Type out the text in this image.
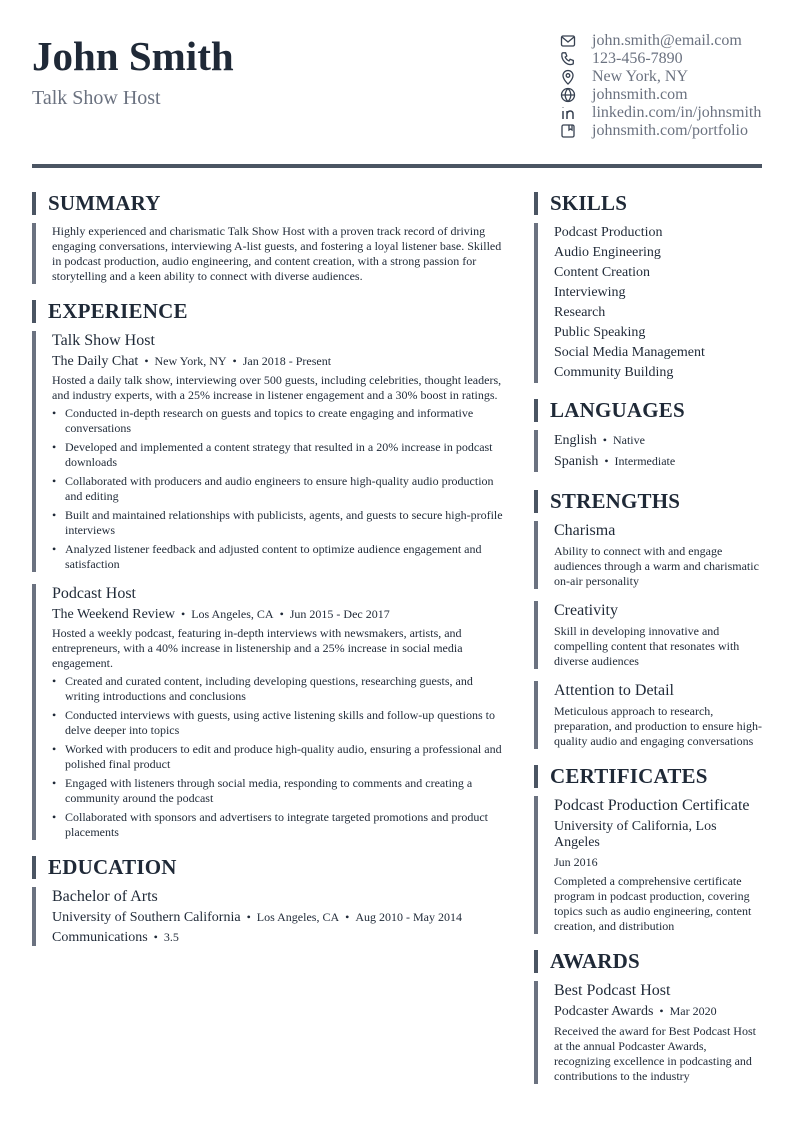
John Smith
Talk Show Host
john.smith@email.com
123-456-7890
New York, NY
johnsmith.com
linkedin.com/in/johnsmith
johnsmith.com/portfolio
SUMMARY
Highly experienced and charismatic Talk Show Host with a proven track record of driving engaging conversations, interviewing A-list guests, and fostering a loyal listener base. Skilled in podcast production, audio engineering, and content creation, with a strong passion for storytelling and a keen ability to connect with diverse audiences.
EXPERIENCE
Talk Show Host
The Daily Chat • New York, NY • Jan 2018 - Present
Hosted a daily talk show, interviewing over 500 guests, including celebrities, thought leaders, and industry experts, with a 25% increase in listener engagement and a 30% boost in ratings.
• Conducted in-depth research on guests and topics to create engaging and informative conversations
• Developed and implemented a content strategy that resulted in a 20% increase in podcast downloads
• Collaborated with producers and audio engineers to ensure high-quality audio production and editing
• Built and maintained relationships with publicists, agents, and guests to secure high-profile interviews
• Analyzed listener feedback and adjusted content to optimize audience engagement and satisfaction
Podcast Host
The Weekend Review • Los Angeles, CA • Jun 2015 - Dec 2017
Hosted a weekly podcast, featuring in-depth interviews with newsmakers, artists, and entrepreneurs, with a 40% increase in listenership and a 25% increase in social media engagement.
• Created and curated content, including developing questions, researching guests, and writing introductions and conclusions
• Conducted interviews with guests, using active listening skills and follow-up questions to delve deeper into topics
• Worked with producers to edit and produce high-quality audio, ensuring a professional and polished final product
• Engaged with listeners through social media, responding to comments and creating a community around the podcast
• Collaborated with sponsors and advertisers to integrate targeted promotions and product placements
EDUCATION
Bachelor of Arts
University of Southern California • Los Angeles, CA • Aug 2010 - May 2014
Communications • 3.5
SKILLS
Podcast Production
Audio Engineering
Content Creation
Interviewing
Research
Public Speaking
Social Media Management
Community Building
LANGUAGES
English • Native
Spanish • Intermediate
STRENGTHS
Charisma
Ability to connect with and engage audiences through a warm and charismatic on-air personality
Creativity
Skill in developing innovative and compelling content that resonates with diverse audiences
Attention to Detail
Meticulous approach to research, preparation, and production to ensure high-quality audio and engaging conversations
CERTIFICATES
Podcast Production Certificate
University of California, Los Angeles
Jun 2016
Completed a comprehensive certificate program in podcast production, covering topics such as audio engineering, content creation, and distribution
AWARDS
Best Podcast Host
Podcaster Awards • Mar 2020
Received the award for Best Podcast Host at the annual Podcaster Awards, recognizing excellence in podcasting and contributions to the industry
